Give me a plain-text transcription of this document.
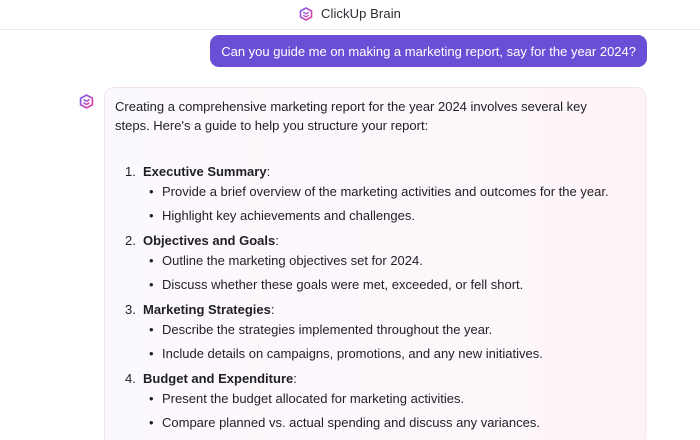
ClickUp Brain
Can you guide me on making a marketing report, say for the year 2024?

Creating a comprehensive marketing report for the year 2024 involves several key steps. Here's a guide to help you structure your report:

1. Executive Summary :
• Provide a brief overview of the marketing activities and outcomes for the year.
• Highlight key achievements and challenges.
2. Objectives and Goals :
• Outline the marketing objectives set for 2024.
• Discuss whether these goals were met, exceeded, or fell short.
3. Marketing Strategies :
• Describe the strategies implemented throughout the year.
• Include details on campaigns, promotions, and any new initiatives.
4. Budget and Expenditure :
• Present the budget allocated for marketing activities.
• Compare planned vs. actual spending and discuss any variances.
